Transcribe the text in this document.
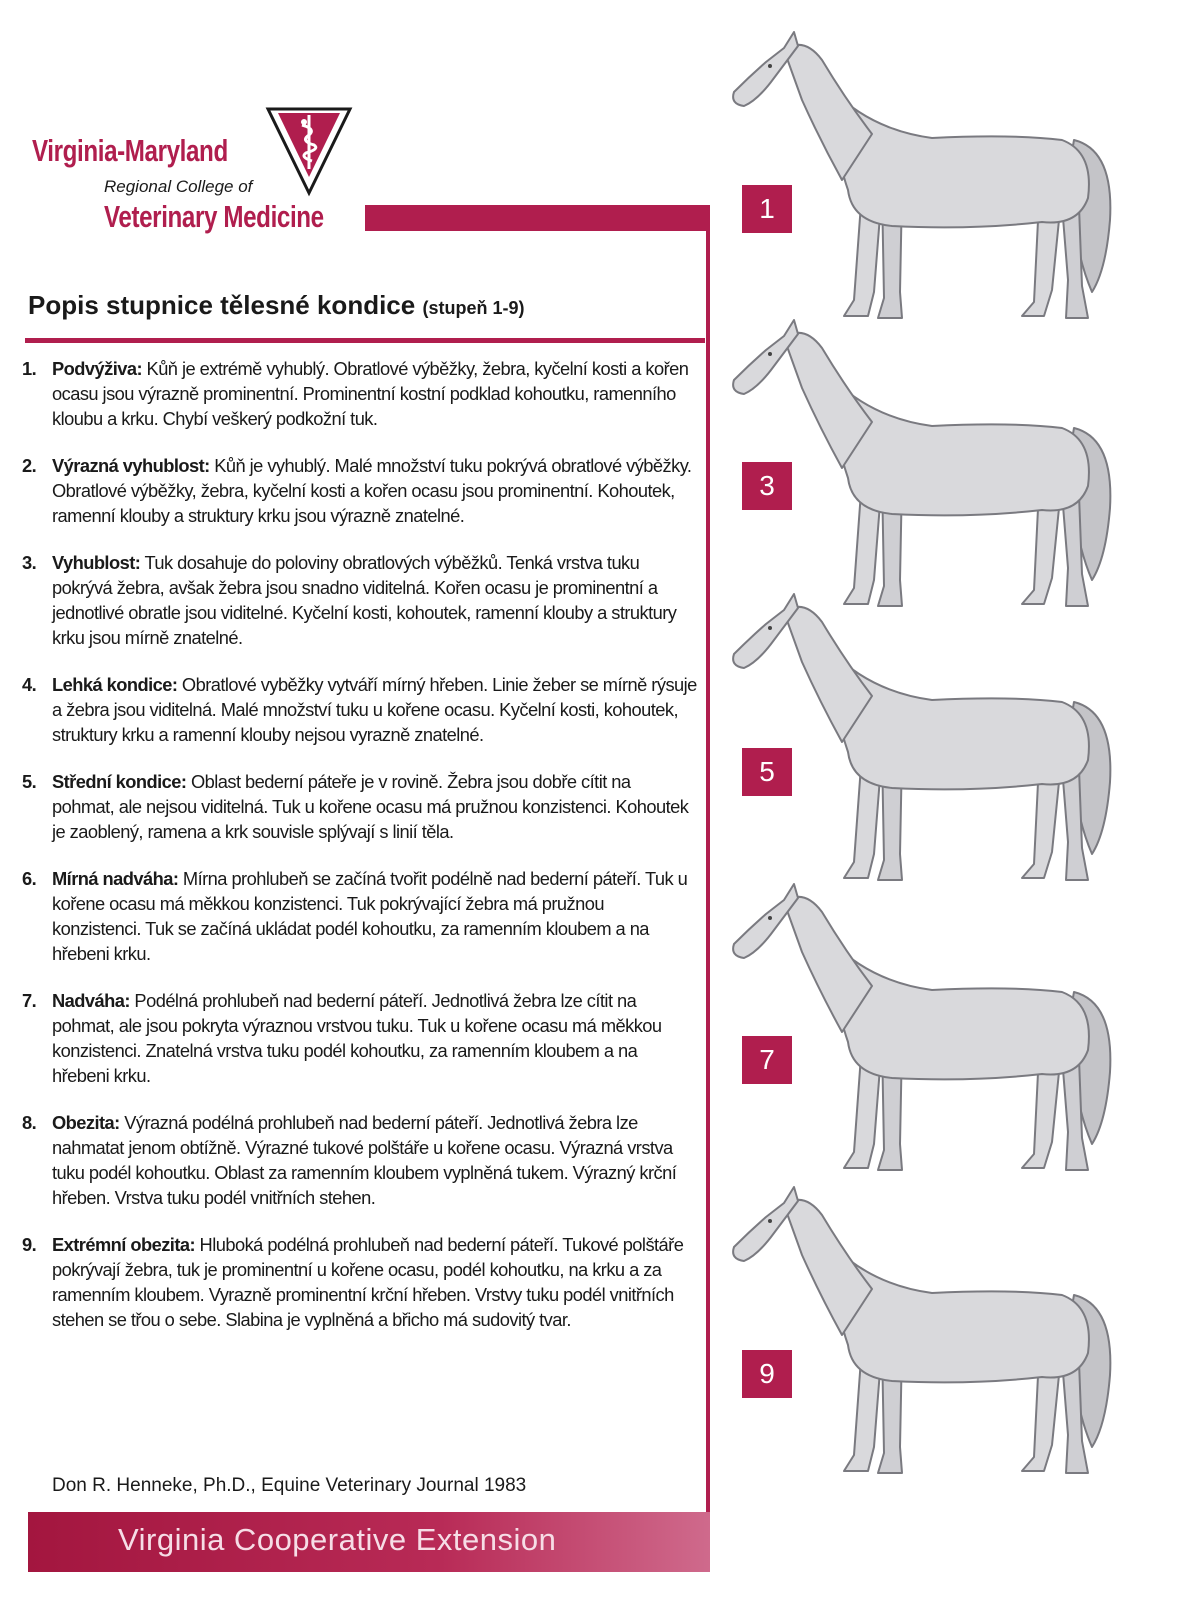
Virginia-Maryland
Regional College of
Veterinary Medicine
Popis stupnice tělesné kondice (stupeň 1-9)
1. Podvýživa: Kůň je extrémě vyhublý. Obratlové výběžky, žebra, kyčelní kosti a kořen ocasu jsou výrazně prominentní. Prominentní kostní podklad kohoutku, ramenního kloubu a krku. Chybí veškerý podkožní tuk.
2. Výrazná vyhublost: Kůň je vyhublý. Malé množství tuku pokrývá obratlové výběžky. Obratlové výběžky, žebra, kyčelní kosti a kořen ocasu jsou prominentní. Kohoutek, ramenní klouby a struktury krku jsou výrazně znatelné.
3. Vyhublost: Tuk dosahuje do poloviny obratlových výběžků. Tenká vrstva tuku pokrývá žebra, avšak žebra jsou snadno viditelná. Kořen ocasu je prominentní a jednotlivé obratle jsou viditelné. Kyčelní kosti, kohoutek, ramenní klouby a struktury krku jsou mírně znatelné.
4. Lehká kondice: Obratlové vyběžky vytváří mírný hřeben. Linie žeber se mírně rýsuje a žebra jsou viditelná. Malé množství tuku u kořene ocasu. Kyčelní kosti, kohoutek, struktury krku a ramenní klouby nejsou vyrazně znatelné.
5. Střední kondice: Oblast bederní páteře je v rovině. Žebra jsou dobře cítit na pohmat, ale nejsou viditelná. Tuk u kořene ocasu má pružnou konzistenci. Kohoutek je zaoblený, ramena a krk souvisle splývají s linií těla.
6. Mírná nadváha: Mírna prohlubeň se začíná tvořit podélně nad bederní páteří. Tuk u kořene ocasu má měkkou konzistenci. Tuk pokrývající žebra má pružnou konzistenci. Tuk se začíná ukládat podél kohoutku, za ramenním kloubem a na hřebeni krku.
7. Nadváha: Podélná prohlubeň nad bederní páteří. Jednotlivá žebra lze cítit na pohmat, ale jsou pokryta výraznou vrstvou tuku. Tuk u kořene ocasu má měkkou konzistenci. Znatelná vrstva tuku podél kohoutku, za ramenním kloubem a na hřebeni krku.
8. Obezita: Výrazná podélná prohlubeň nad bederní páteří. Jednotlivá žebra lze nahmatat jenom obtížně. Výrazné tukové polštáře u kořene ocasu. Výrazná vrstva tuku podél kohoutku. Oblast za ramenním kloubem vyplněná tukem. Výrazný krční hřeben. Vrstva tuku podél vnitřních stehen.
9. Extrémní obezita: Hluboká podélná prohlubeň nad bederní páteří. Tukové polštáře pokrývají žebra, tuk je prominentní u kořene ocasu, podél kohoutku, na krku a za ramenním kloubem. Vyrazně prominentní krční hřeben. Vrstvy tuku podél vnitřních stehen se třou o sebe. Slabina je vyplněná a břicho má sudovitý tvar.
Don R. Henneke, Ph.D., Equine Veterinary Journal 1983
Virginia Cooperative Extension
1
3
5
7
9
